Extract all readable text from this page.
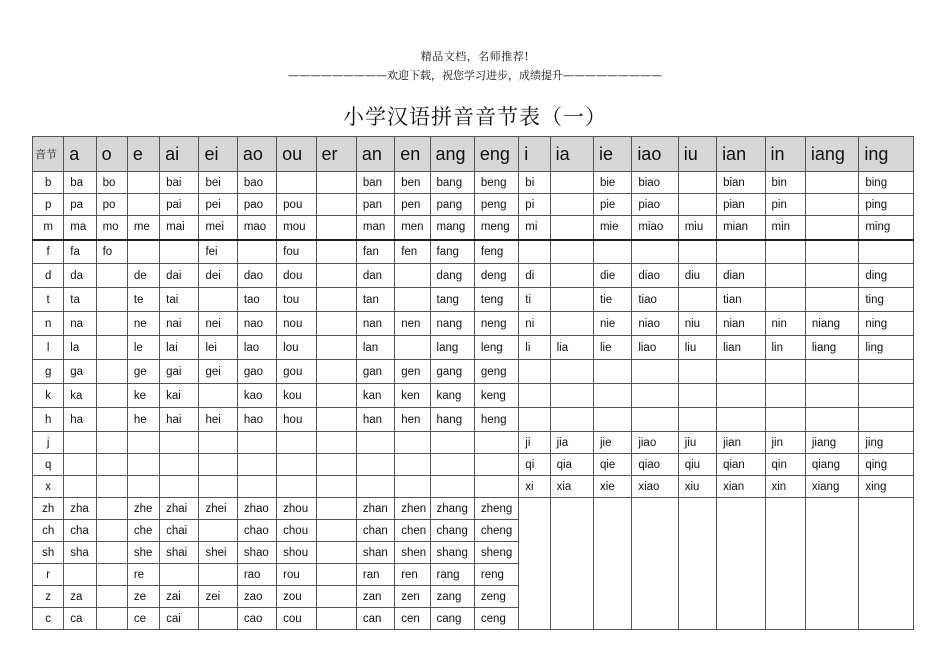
精品文档，名师推荐!
—————————欢迎下载，祝您学习进步，成绩提升—————————
小学汉语拼音音节表（一）
音节	a	o	e	ai	ei	ao	ou	er	an	en	ang	eng	i	ia	ie	iao	iu	ian	in	iang	ing
b	ba	bo		bai	bei	bao			ban	ben	bang	beng	bi		bie	biao		bian	bin		bing
p	pa	po		pai	pei	pao	pou		pan	pen	pang	peng	pi		pie	piao		pian	pin		ping
m	ma	mo	me	mai	mei	mao	mou		man	men	mang	meng	mi		mie	miao	miu	mian	min		ming
f	fa	fo			fei		fou		fan	fen	fang	feng									
d	da		de	dai	dei	dao	dou		dan		dang	deng	di		die	diao	diu	dian			ding
t	ta		te	tai		tao	tou		tan		tang	teng	ti		tie	tiao		tian			ting
n	na		ne	nai	nei	nao	nou		nan	nen	nang	neng	ni		nie	niao	niu	nian	nin	niang	ning
l	la		le	lai	lei	lao	lou		lan		lang	leng	li	lia	lie	liao	liu	lian	lin	liang	ling
g	ga		ge	gai	gei	gao	gou		gan	gen	gang	geng									
k	ka		ke	kai		kao	kou		kan	ken	kang	keng									
h	ha		he	hai	hei	hao	hou		han	hen	hang	heng									
j													ji	jia	jie	jiao	jiu	jian	jin	jiang	jing
q													qi	qia	qie	qiao	qiu	qian	qin	qiang	qing
x													xi	xia	xie	xiao	xiu	xian	xin	xiang	xing
zh	zha		zhe	zhai	zhei	zhao	zhou		zhan	zhen	zhang	zheng									
ch	cha		che	chai		chao	chou		chan	chen	chang	cheng									
sh	sha		she	shai	shei	shao	shou		shan	shen	shang	sheng									
r			re			rao	rou		ran	ren	rang	reng									
z	za		ze	zai	zei	zao	zou		zan	zen	zang	zeng									
c	ca		ce	cai		cao	cou		can	cen	cang	ceng									
